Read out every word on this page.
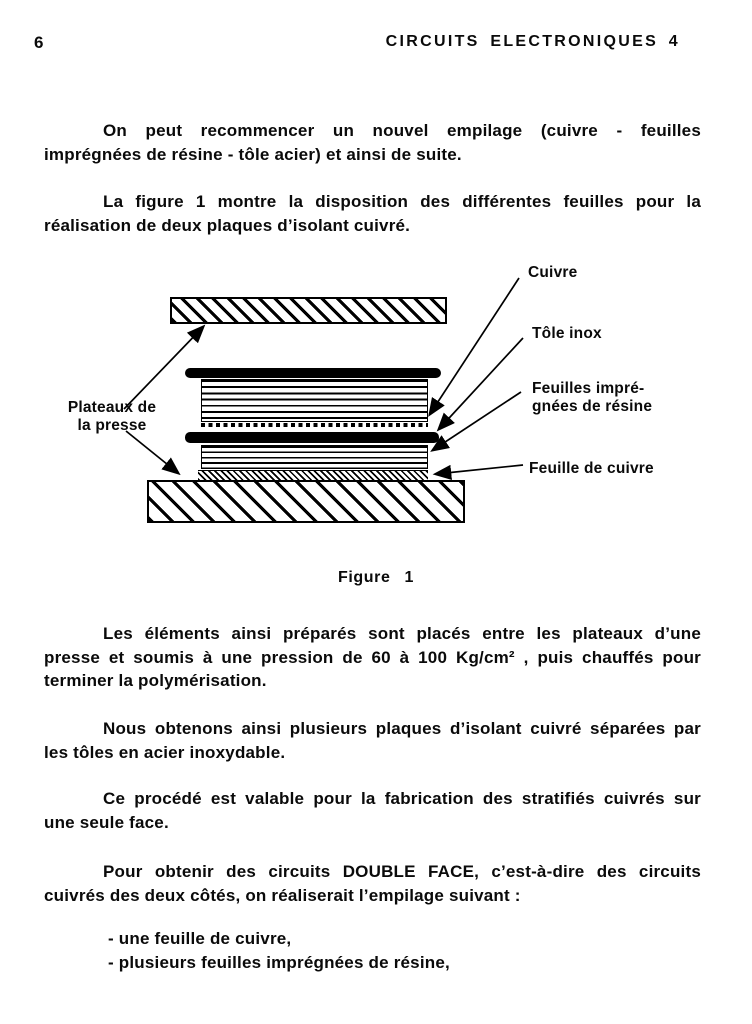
6	CIRCUITS ELECTRONIQUES 4
On peut recommencer un nouvel empilage (cuivre - feuilles
imprégnées de résine - tôle acier) et ainsi de suite.
La figure 1 montre la disposition des différentes feuilles pour la
réalisation de deux plaques d’isolant cuivré.
Plateaux de
la presse
Cuivre
Tôle inox
Feuilles impré-
gnées de résine
Feuille de cuivre
Figure 1
Les éléments ainsi préparés sont placés entre les plateaux d’une
presse et soumis à une pression de 60 à 100 Kg/cm² , puis chauffés pour
terminer la polymérisation.
Nous obtenons ainsi plusieurs plaques d’isolant cuivré séparées par
les tôles en acier inoxydable.
Ce procédé est valable pour la fabrication des stratifiés cuivrés sur
une seule face.
Pour obtenir des circuits DOUBLE FACE, c’est-à-dire des circuits
cuivrés des deux côtés, on réaliserait l’empilage suivant :
- une feuille de cuivre,
- plusieurs feuilles imprégnées de résine,
